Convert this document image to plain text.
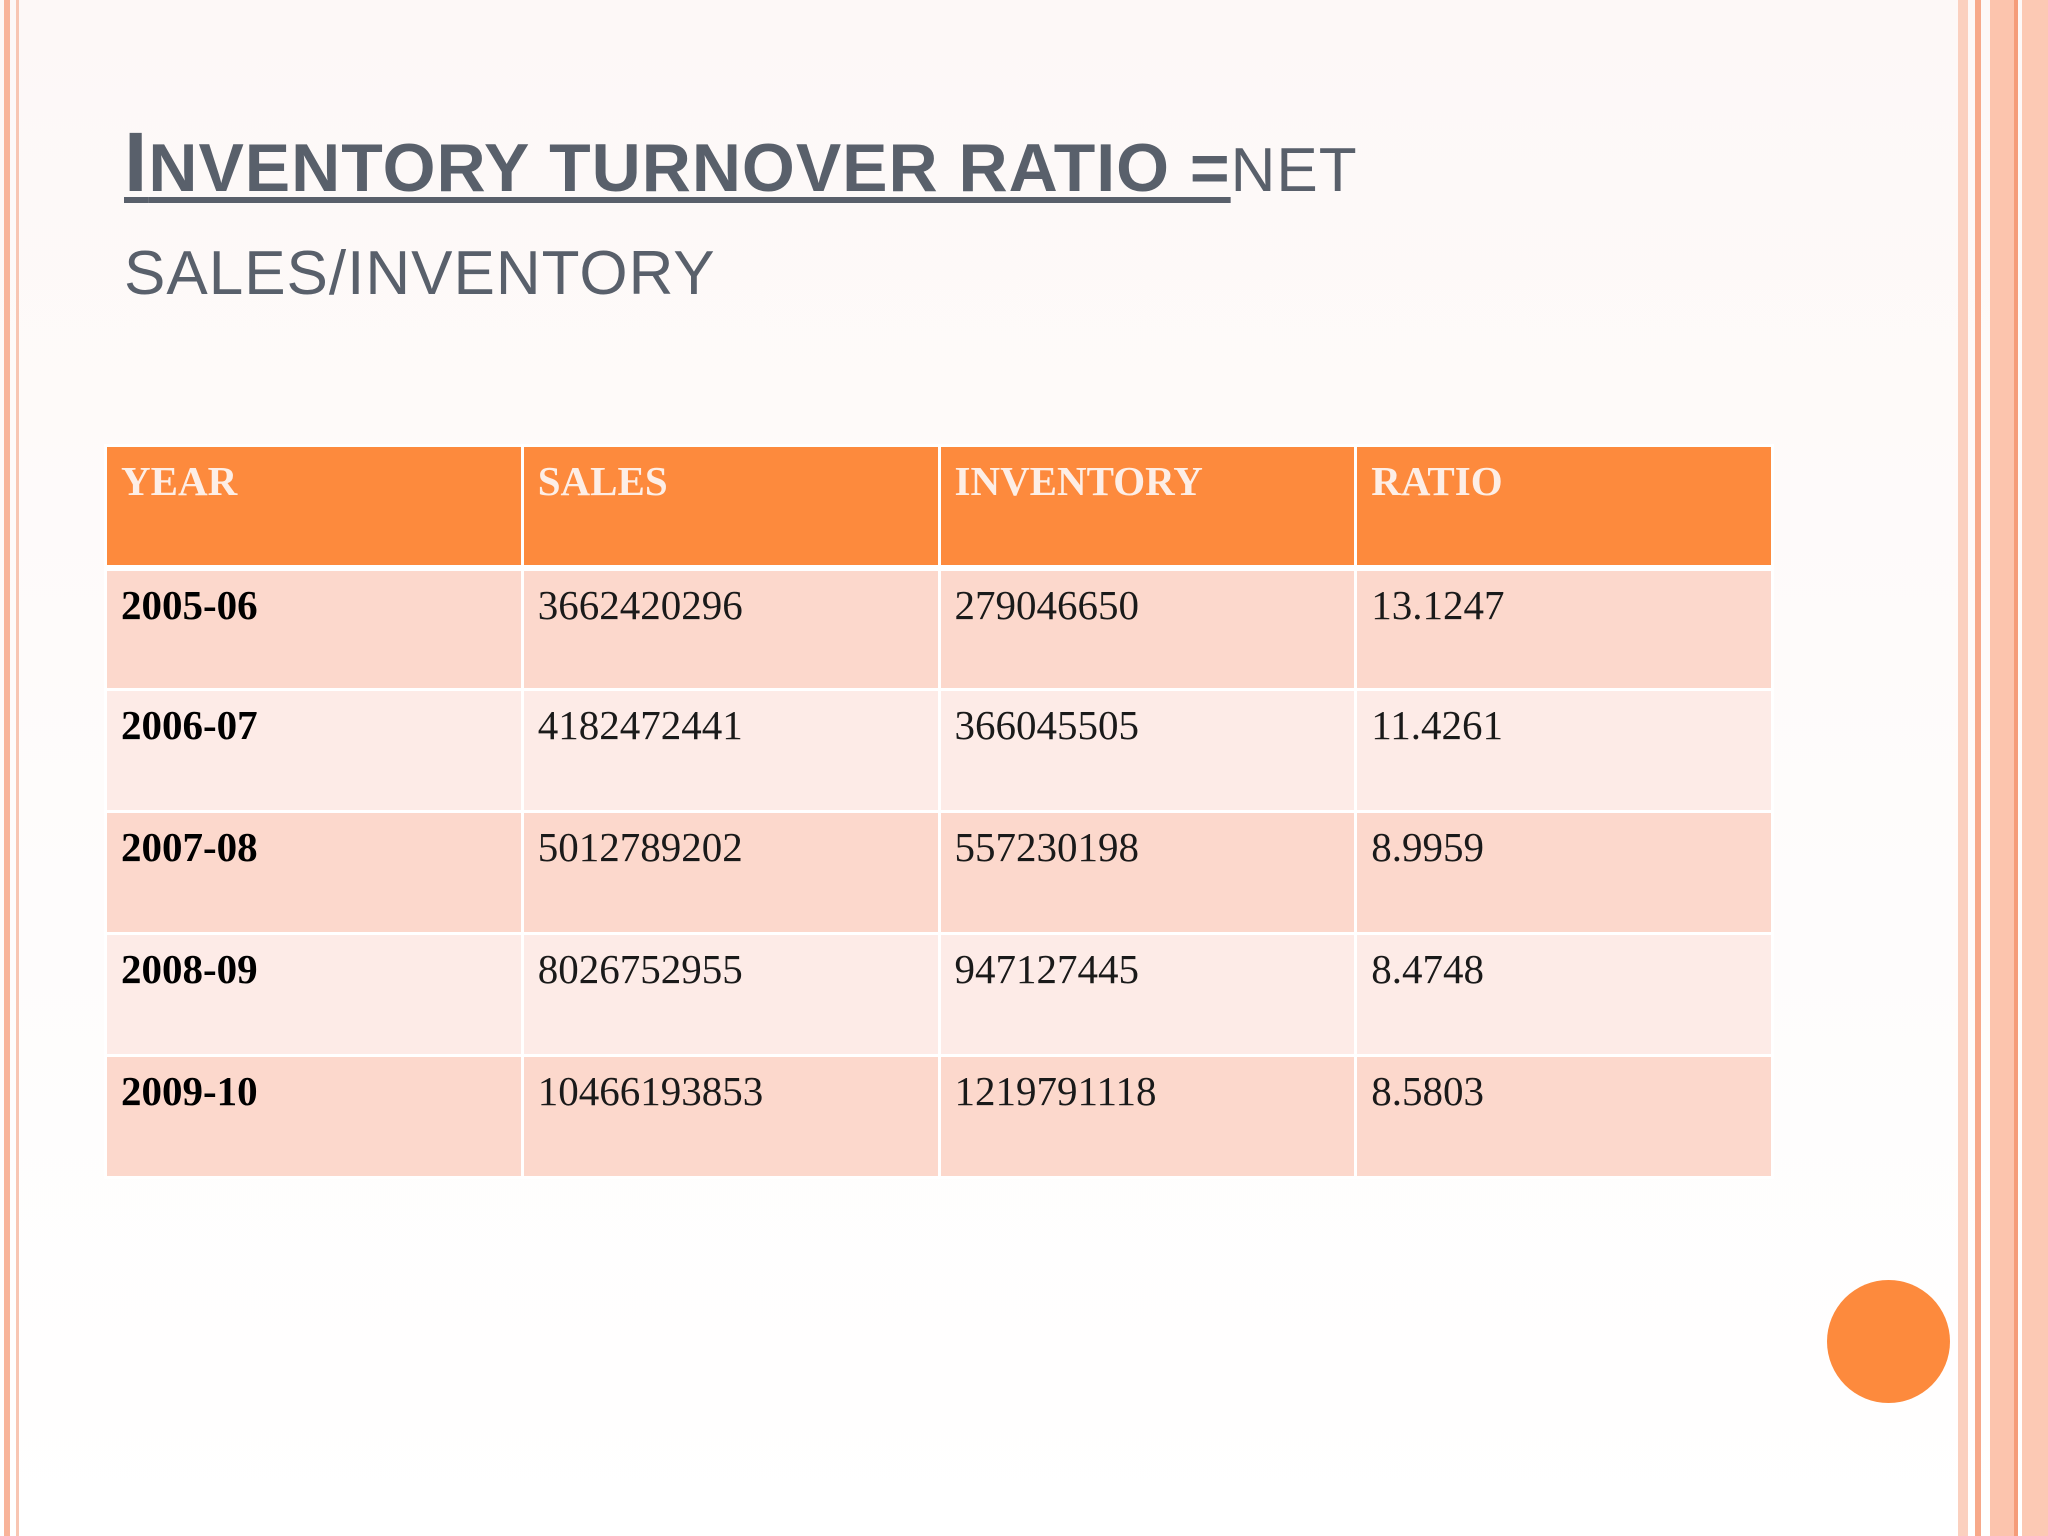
INVENTORY TURNOVER RATIO =NET
SALES/INVENTORY
YEAR	SALES	INVENTORY	RATIO
2005-06	3662420296	279046650	13.1247
2006-07	4182472441	366045505	11.4261
2007-08	5012789202	557230198	8.9959
2008-09	8026752955	947127445	8.4748
2009-10	10466193853	1219791118	8.5803
